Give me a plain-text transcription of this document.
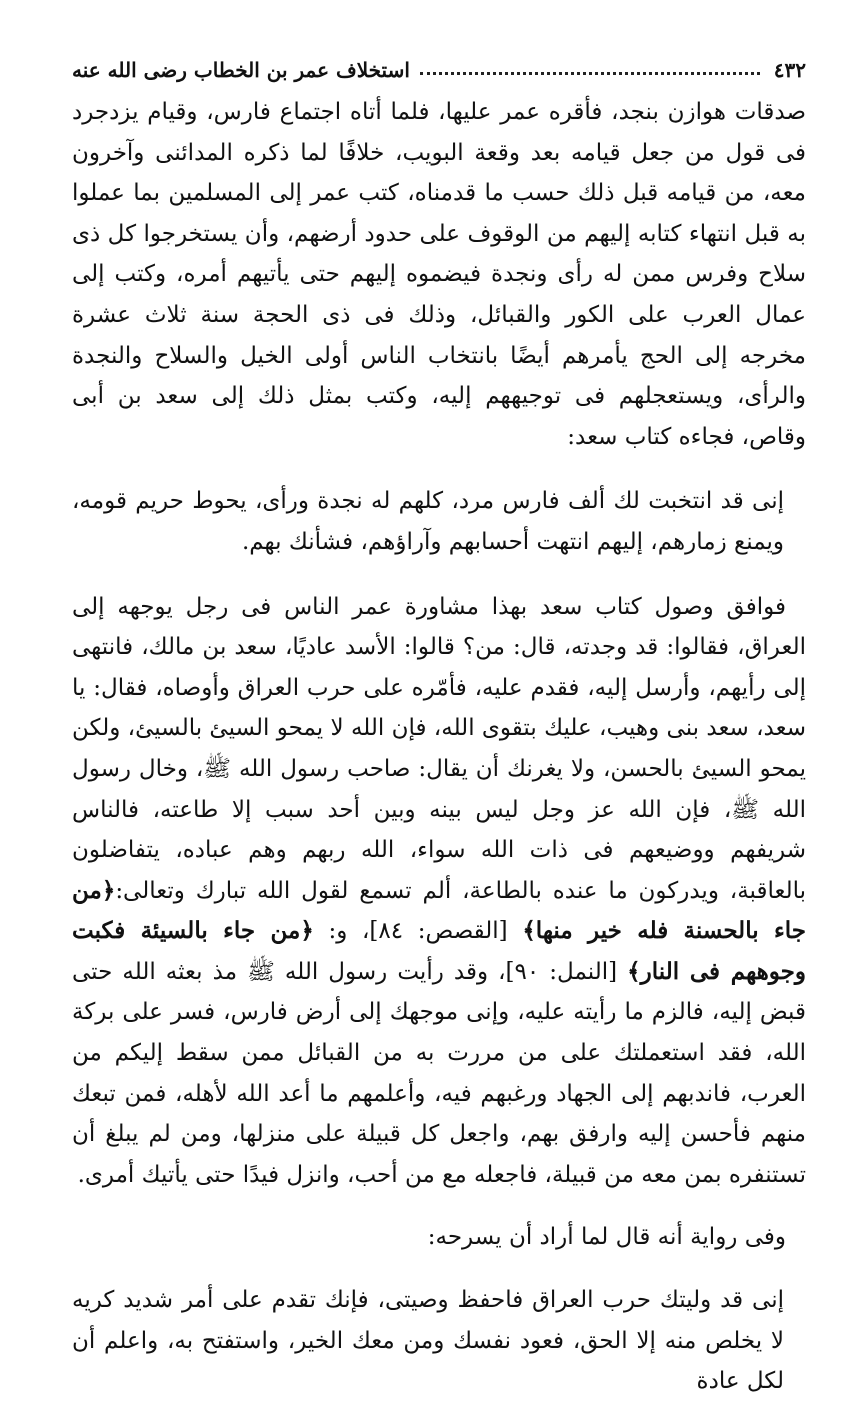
٤٣٢
استخلاف عمر بن الخطاب رضى الله عنه

صدقات هوازن بنجد، فأقره عمر عليها، فلما أتاه اجتماع فارس، وقيام يزدجرد فى قول من جعل قيامه بعد وقعة البويب، خلافًا لما ذكره المدائنى وآخرون معه، من قيامه قبل ذلك حسب ما قدمناه، كتب عمر إلى المسلمين بما عملوا به قبل انتهاء كتابه إليهم من الوقوف على حدود أرضهم، وأن يستخرجوا كل ذى سلاح وفرس ممن له رأى ونجدة فيضموه إليهم حتى يأتيهم أمره، وكتب إلى عمال العرب على الكور والقبائل، وذلك فى ذى الحجة سنة ثلاث عشرة مخرجه إلى الحج يأمرهم أيضًا بانتخاب الناس أولى الخيل والسلاح والنجدة والرأى، ويستعجلهم فى توجيههم إليه، وكتب بمثل ذلك إلى سعد بن أبى وقاص، فجاءه كتاب سعد:

إنى قد انتخبت لك ألف فارس مرد، كلهم له نجدة ورأى، يحوط حريم قومه، ويمنع زمارهم، إليهم انتهت أحسابهم وآراؤهم، فشأنك بهم.

فوافق وصول كتاب سعد بهذا مشاورة عمر الناس فى رجل يوجهه إلى العراق، فقالوا: قد وجدته، قال: من؟ قالوا: الأسد عاديًا، سعد بن مالك، فانتهى إلى رأيهم، وأرسل إليه، فقدم عليه، فأمّره على حرب العراق وأوصاه، فقال: يا سعد، سعد بنى وهيب، عليك بتقوى الله، فإن الله لا يمحو السيئ بالسيئ، ولكن يمحو السيئ بالحسن، ولا يغرنك أن يقال: صاحب رسول الله ﷺ، وخال رسول الله ﷺ، فإن الله عز وجل ليس بينه وبين أحد سبب إلا طاعته، فالناس شريفهم ووضيعهم فى ذات الله سواء، الله ربهم وهم عباده، يتفاضلون بالعاقبة، ويدركون ما عنده بالطاعة، ألم تسمع لقول الله تبارك وتعالى:﴿من جاء بالحسنة فله خير منها﴾ [القصص: ٨٤]، و: ﴿من جاء بالسيئة فكبت وجوههم فى النار﴾ [النمل: ٩٠]، وقد رأيت رسول الله ﷺ مذ بعثه الله حتى قبض إليه، فالزم ما رأيته عليه، وإنى موجهك إلى أرض فارس، فسر على بركة الله، فقد استعملتك على من مررت به من القبائل ممن سقط إليكم من العرب، فاندبهم إلى الجهاد ورغبهم فيه، وأعلمهم ما أعد الله لأهله، فمن تبعك منهم فأحسن إليه وارفق بهم، واجعل كل قبيلة على منزلها، ومن لم يبلغ أن تستنفره بمن معه من قبيلة، فاجعله مع من أحب، وانزل فيدًا حتى يأتيك أمرى.

وفى رواية أنه قال لما أراد أن يسرحه:

إنى قد وليتك حرب العراق فاحفظ وصيتى، فإنك تقدم على أمر شديد كريه لا يخلص منه إلا الحق، فعود نفسك ومن معك الخير، واستفتح به، واعلم أن لكل عادة
